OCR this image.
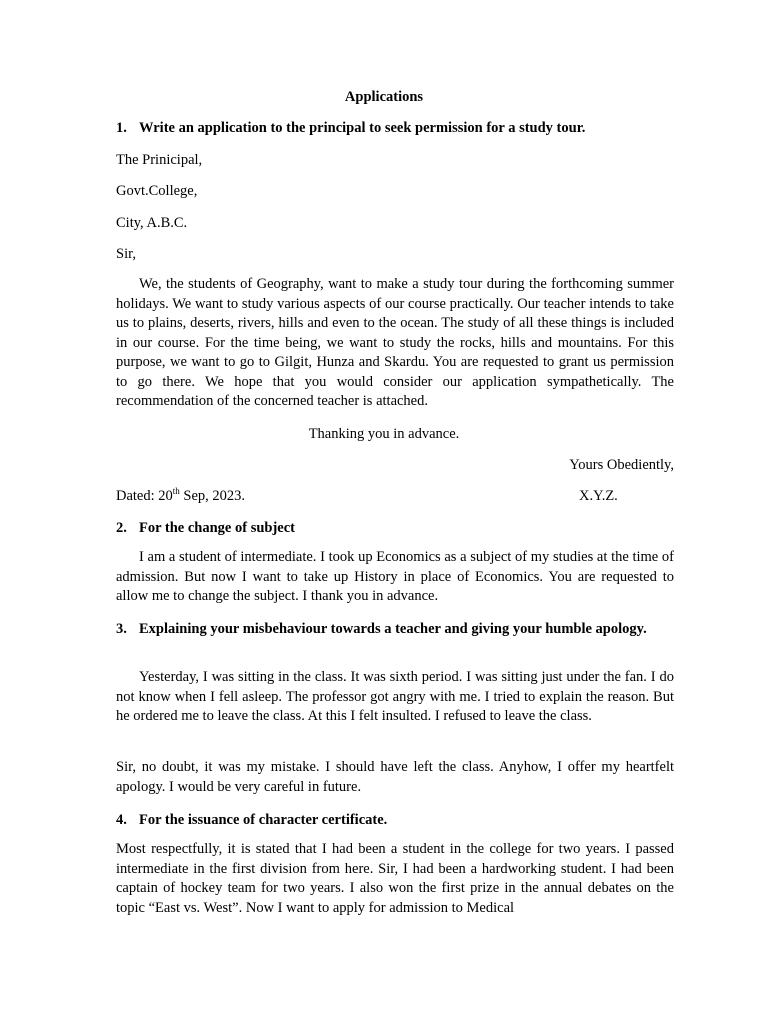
Applications
1. Write an application to the principal to seek permission for a study tour.
The Prinicipal,
Govt.College,
City, A.B.C.
Sir,
We, the students of Geography, want to make a study tour during the forthcoming summer holidays. We want to study various aspects of our course practically. Our teacher intends to take us to plains, deserts, rivers, hills and even to the ocean. The study of all these things is included in our course. For the time being, we want to study the rocks, hills and mountains. For this purpose, we want to go to Gilgit, Hunza and Skardu. You are requested to grant us permission to go there. We hope that you would consider our application sympathetically. The recommendation of the concerned teacher is attached.
Thanking you in advance.
Yours Obediently,
Dated: 20th Sep, 2023.	X.Y.Z.
2. For the change of subject
I am a student of intermediate. I took up Economics as a subject of my studies at the time of admission. But now I want to take up History in place of Economics. You are requested to allow me to change the subject. I thank you in advance.
3. Explaining your misbehaviour towards a teacher and giving your humble apology.
Yesterday, I was sitting in the class. It was sixth period. I was sitting just under the fan. I do not know when I fell asleep. The professor got angry with me. I tried to explain the reason. But he ordered me to leave the class. At this I felt insulted. I refused to leave the class.
Sir, no doubt, it was my mistake. I should have left the class. Anyhow, I offer my heartfelt apology. I would be very careful in future.
4. For the issuance of character certificate.
Most respectfully, it is stated that I had been a student in the college for two years. I passed intermediate in the first division from here. Sir, I had been a hardworking student. I had been captain of hockey team for two years. I also won the first prize in the annual debates on the topic “East vs. West”. Now I want to apply for admission to Medical
